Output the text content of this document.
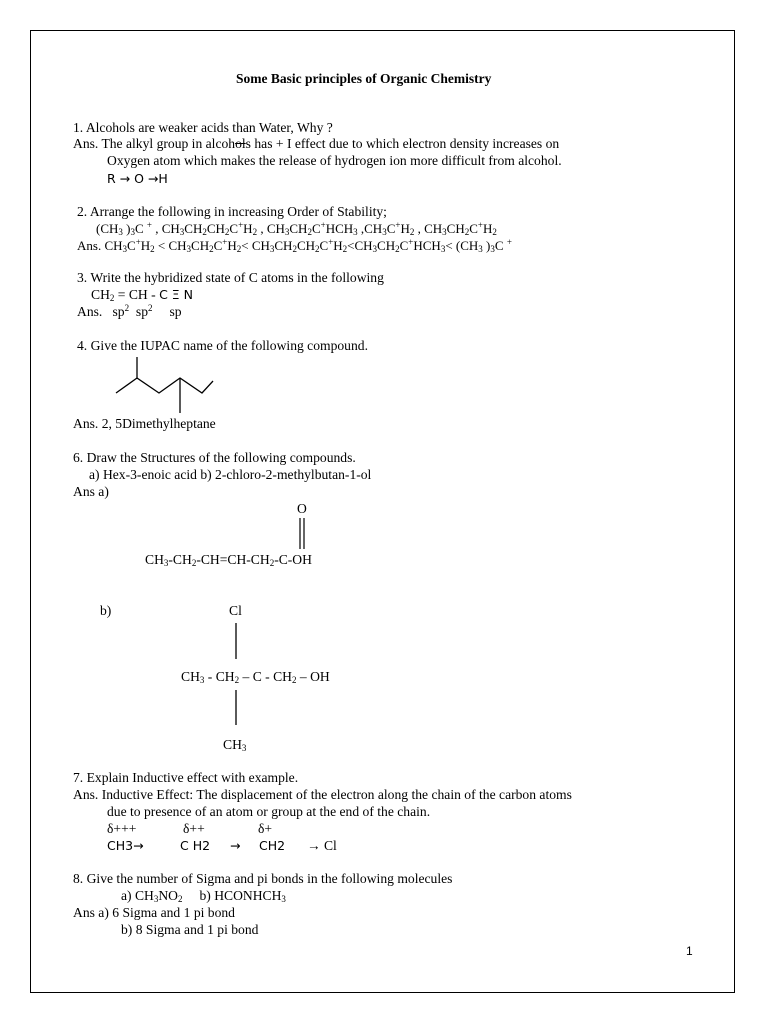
Some Basic principles of Organic Chemistry
1. Alcohols are weaker acids than Water, Why ?
Ans. The alkyl group in alcohols has + I effect due to which electron density increases on
Oxygen atom which makes the release of hydrogen ion more difficult from alcohol.
R → O →H
2. Arrange the following in increasing Order of Stability;
($CH_3$ )$_3C$ + , $CH_3CH_2CH_2C^+H_2$ , $CH_3CH_2C^+HCH_3$ $,CH_3C^+H_2$ , $CH_3CH_2C^+H_2$
Ans. $CH_3C^+H_2 < CH_3CH_2C^+H_2< CH_3CH_2CH_2C^+H_2<CH_3CH_2C^+HCH_3< (CH_3$ )$_3C$ +
3. Write the hybridized state of C atoms in the following
$CH_2$ = CH - C Ξ N
Ans.   $sp^2$  $sp^2$     sp
4. Give the IUPAC name of the following compound.
Ans. 2, 5Dimethylheptane
6. Draw the Structures of the following compounds.
a) Hex-3-enoic acid b) 2-chloro-2-methylbutan-1-ol
Ans a)
O
$CH_3-CH_2-CH=CH-CH_2-C-OH$
b)	Cl
$CH_3 - CH_2$ – C - $CH_2$ – OH
$CH_3$
7. Explain Inductive effect with example.
Ans. Inductive Effect: The displacement of the electron along the chain of the carbon atoms
due to presence of an atom or group at the end of the chain.
δ+++	δ++	δ+
CH3→	C H2 → CH2 → Cl
8. Give the number of Sigma and pi bonds in the following molecules
a) $CH_3NO_2$     b) $HCONHCH_3$
Ans a) 6 Sigma and 1 pi bond
b) 8 Sigma and 1 pi bond
1
